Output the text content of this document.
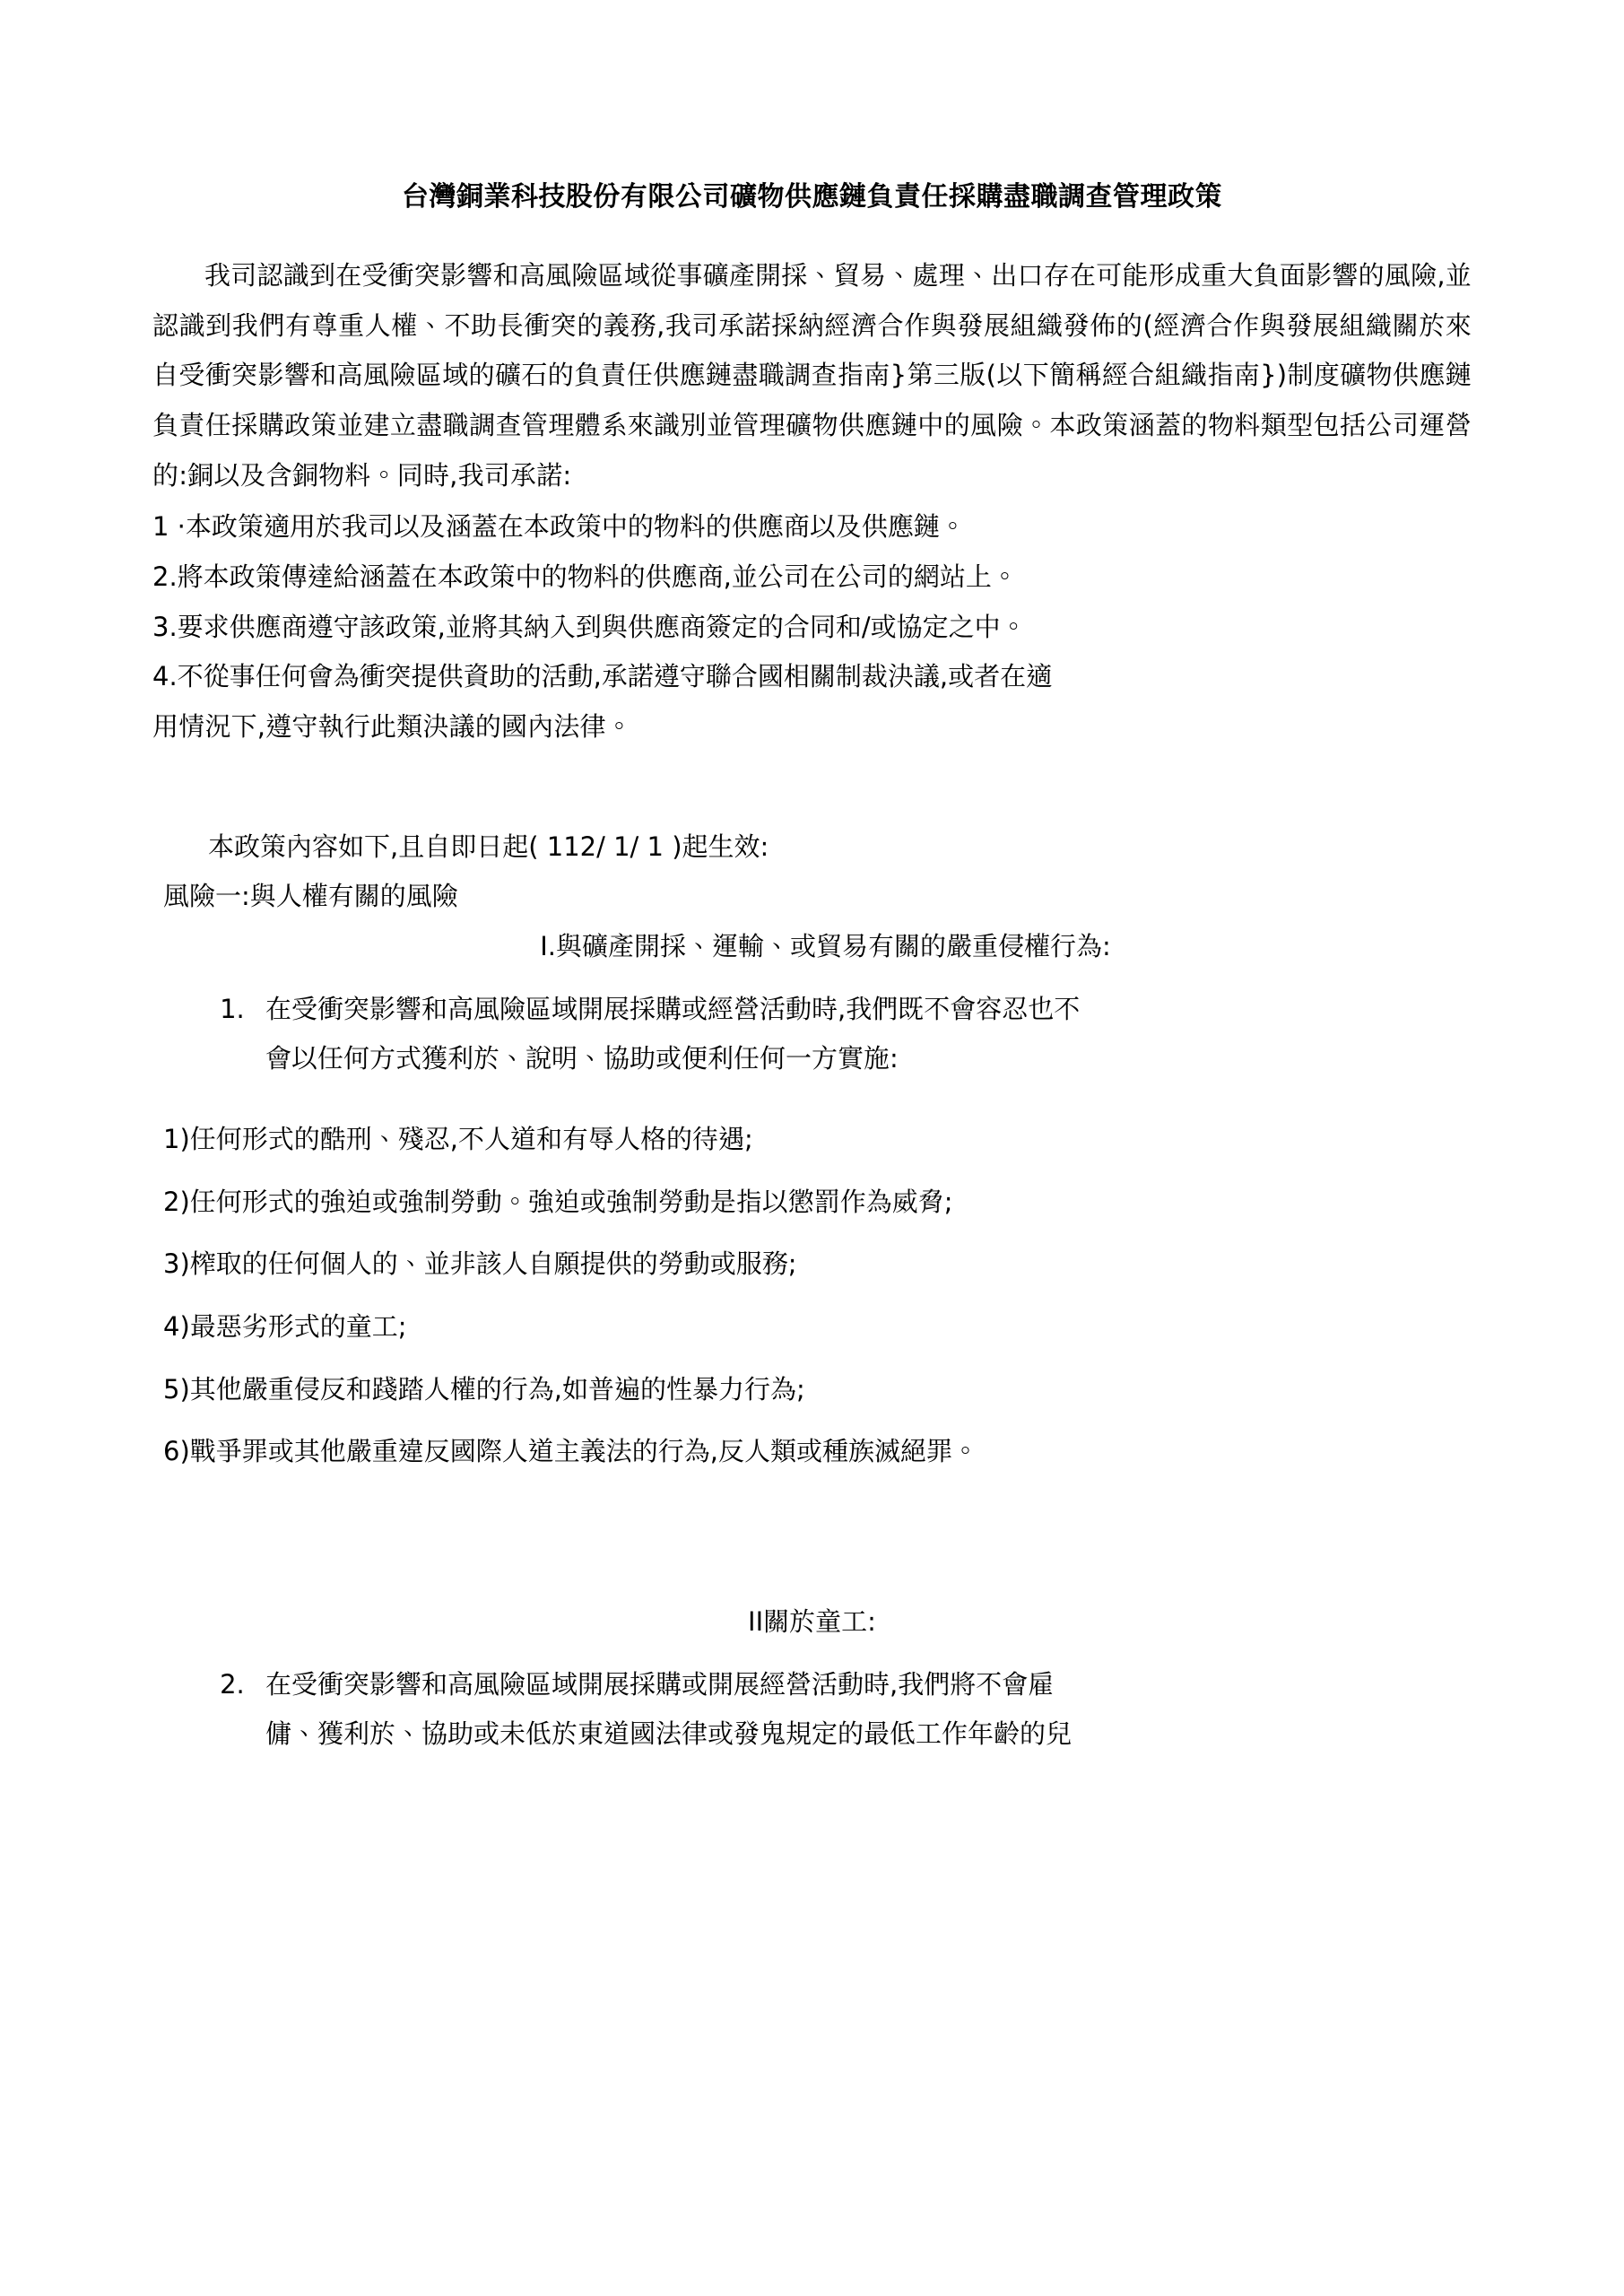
台灣銅業科技股份有限公司礦物供應鏈負責任採購盡職調查管理政策

我司認識到在受衝突影響和高風險區域從事礦產開採、貿易、處理、出口存在可能形成重大負面影響的風險,並認識到我們有尊重人權、不助長衝突的義務,我司承諾採納經濟合作與發展組織發佈的(經濟合作與發展組織關於來自受衝突影響和高風險區域的礦石的負責任供應鏈盡職調查指南}第三版(以下簡稱經合組織指南})制度礦物供應鏈負責任採購政策並建立盡職調查管理體系來識別並管理礦物供應鏈中的風險。本政策涵蓋的物料類型包括公司運營的:銅以及含銅物料。同時,我司承諾:

1 ·本政策適用於我司以及涵蓋在本政策中的物料的供應商以及供應鏈。

2.將本政策傳達給涵蓋在本政策中的物料的供應商,並公司在公司的網站上。

3.要求供應商遵守該政策,並將其納入到與供應商簽定的合同和/或協定之中。

4.不從事任何會為衝突提供資助的活動,承諾遵守聯合國相關制裁決議,或者在適

用情況下,遵守執行此類決議的國內法律。

本政策內容如下,且自即日起( 112/ 1/ 1 )起生效:

風險一:與人權有關的風險

I.與礦產開採、運輸、或貿易有關的嚴重侵權行為:

1. 在受衝突影響和高風險區域開展採購或經營活動時,我們既不會容忍也不
會以任何方式獲利於、說明、協助或便利任何一方實施:

1)任何形式的酷刑、殘忍,不人道和有辱人格的待遇;

2)任何形式的強迫或強制勞動。強迫或強制勞動是指以懲罰作為威脅;

3)榨取的任何個人的、並非該人自願提供的勞動或服務;

4)最惡劣形式的童工;

5)其他嚴重侵反和踐踏人權的行為,如普遍的性暴力行為;

6)戰爭罪或其他嚴重違反國際人道主義法的行為,反人類或種族滅絕罪。

II關於童工:

2. 在受衝突影響和高風險區域開展採購或開展經營活動時,我們將不會雇
傭、獲利於、協助或未低於東道國法律或發鬼規定的最低工作年齡的兒
